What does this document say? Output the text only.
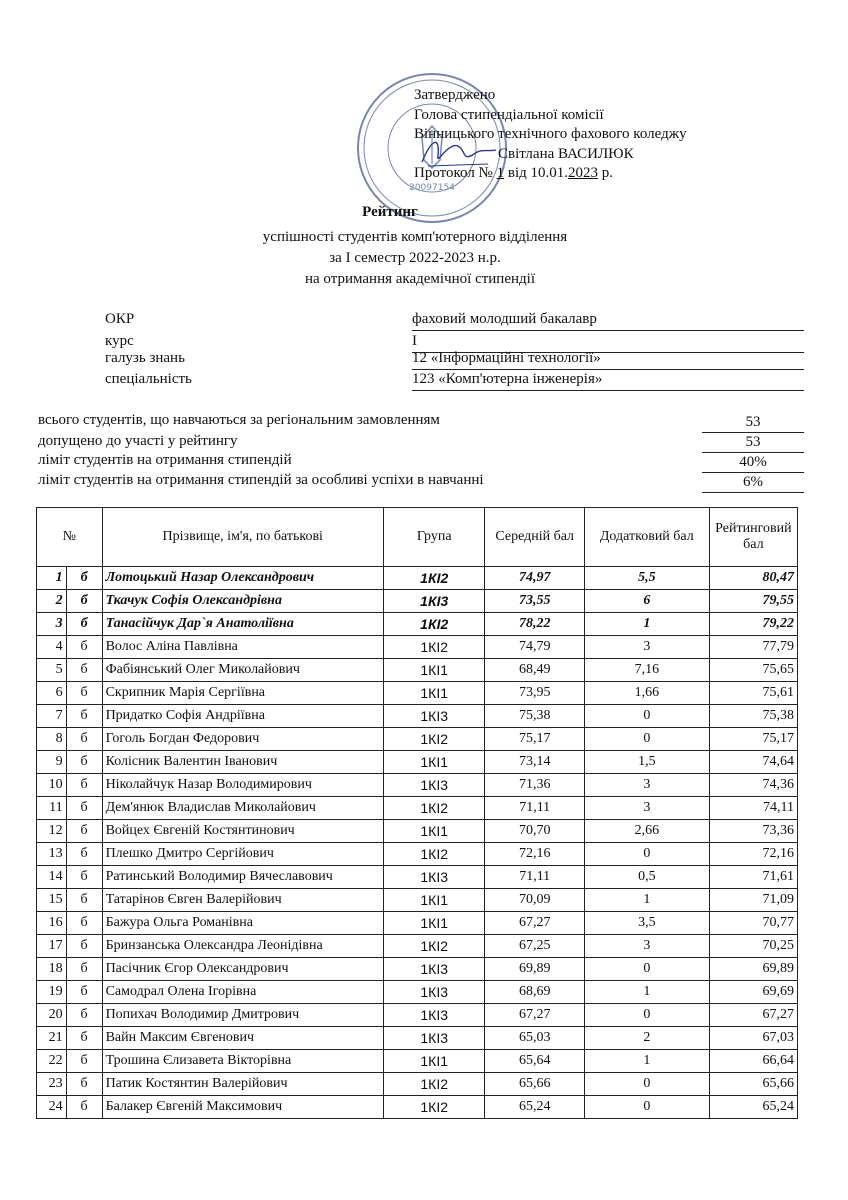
20097154
Затверджено
Голова стипендіальної комісії
Вінницького технічного фахового коледжу
Світлана ВАСИЛЮК
Протокол № 1 від 10.01.2023 р.
Рейтинг
успішності студентів комп'ютерного відділення
за І семестр 2022-2023 н.р.
на отримання академічної стипендії
ОКР	фаховий молодший бакалавр
курс	І
галузь знань	12 «Інформаційні технології»
спеціальність	123 «Комп'ютерна інженерія»
всього студентів, що навчаються за регіональним замовленням	53
допущено до участі у рейтингу	53
ліміт студентів на отримання стипендій	40%
ліміт студентів на отримання стипендій за особливі успіхи в навчанні	6%
№		Прізвище, ім'я, по батькові	Група	Середній бал	Додатковий бал	Рейтинговий бал
1	б	Лотоцький Назар Олександрович	1КІ2	74,97	5,5	80,47
2	б	Ткачук Софія Олександрівна	1КІ3	73,55	6	79,55
3	б	Танасійчук Дар`я Анатоліївна	1КІ2	78,22	1	79,22
4	б	Волос Аліна Павлівна	1КІ2	74,79	3	77,79
5	б	Фабіянський Олег Миколайович	1КІ1	68,49	7,16	75,65
6	б	Скрипник Марія Сергіївна	1КІ1	73,95	1,66	75,61
7	б	Придатко Софія Андріївна	1КІ3	75,38	0	75,38
8	б	Гоголь Богдан Федорович	1КІ2	75,17	0	75,17
9	б	Колісник Валентин Іванович	1КІ1	73,14	1,5	74,64
10	б	Ніколайчук Назар Володимирович	1КІ3	71,36	3	74,36
11	б	Дем'янюк Владислав Миколайович	1КІ2	71,11	3	74,11
12	б	Войцех Євгеній Костянтинович	1КІ1	70,70	2,66	73,36
13	б	Плешко Дмитро Сергійович	1КІ2	72,16	0	72,16
14	б	Ратинський Володимир Вячеславович	1КІ3	71,11	0,5	71,61
15	б	Татарінов Євген Валерійович	1КІ1	70,09	1	71,09
16	б	Бажура Ольга Романівна	1КІ1	67,27	3,5	70,77
17	б	Бринзанська Олександра Леонідівна	1КІ2	67,25	3	70,25
18	б	Пасічник Єгор Олександрович	1КІ3	69,89	0	69,89
19	б	Самодрал Олена Ігорівна	1КІ3	68,69	1	69,69
20	б	Попихач Володимир Дмитрович	1КІ3	67,27	0	67,27
21	б	Вайн Максим Євгенович	1КІ3	65,03	2	67,03
22	б	Трошина Єлизавета Вікторівна	1КІ1	65,64	1	66,64
23	б	Патик Костянтин Валерійович	1КІ2	65,66	0	65,66
24	б	Балакер Євгеній Максимович	1КІ2	65,24	0	65,24
